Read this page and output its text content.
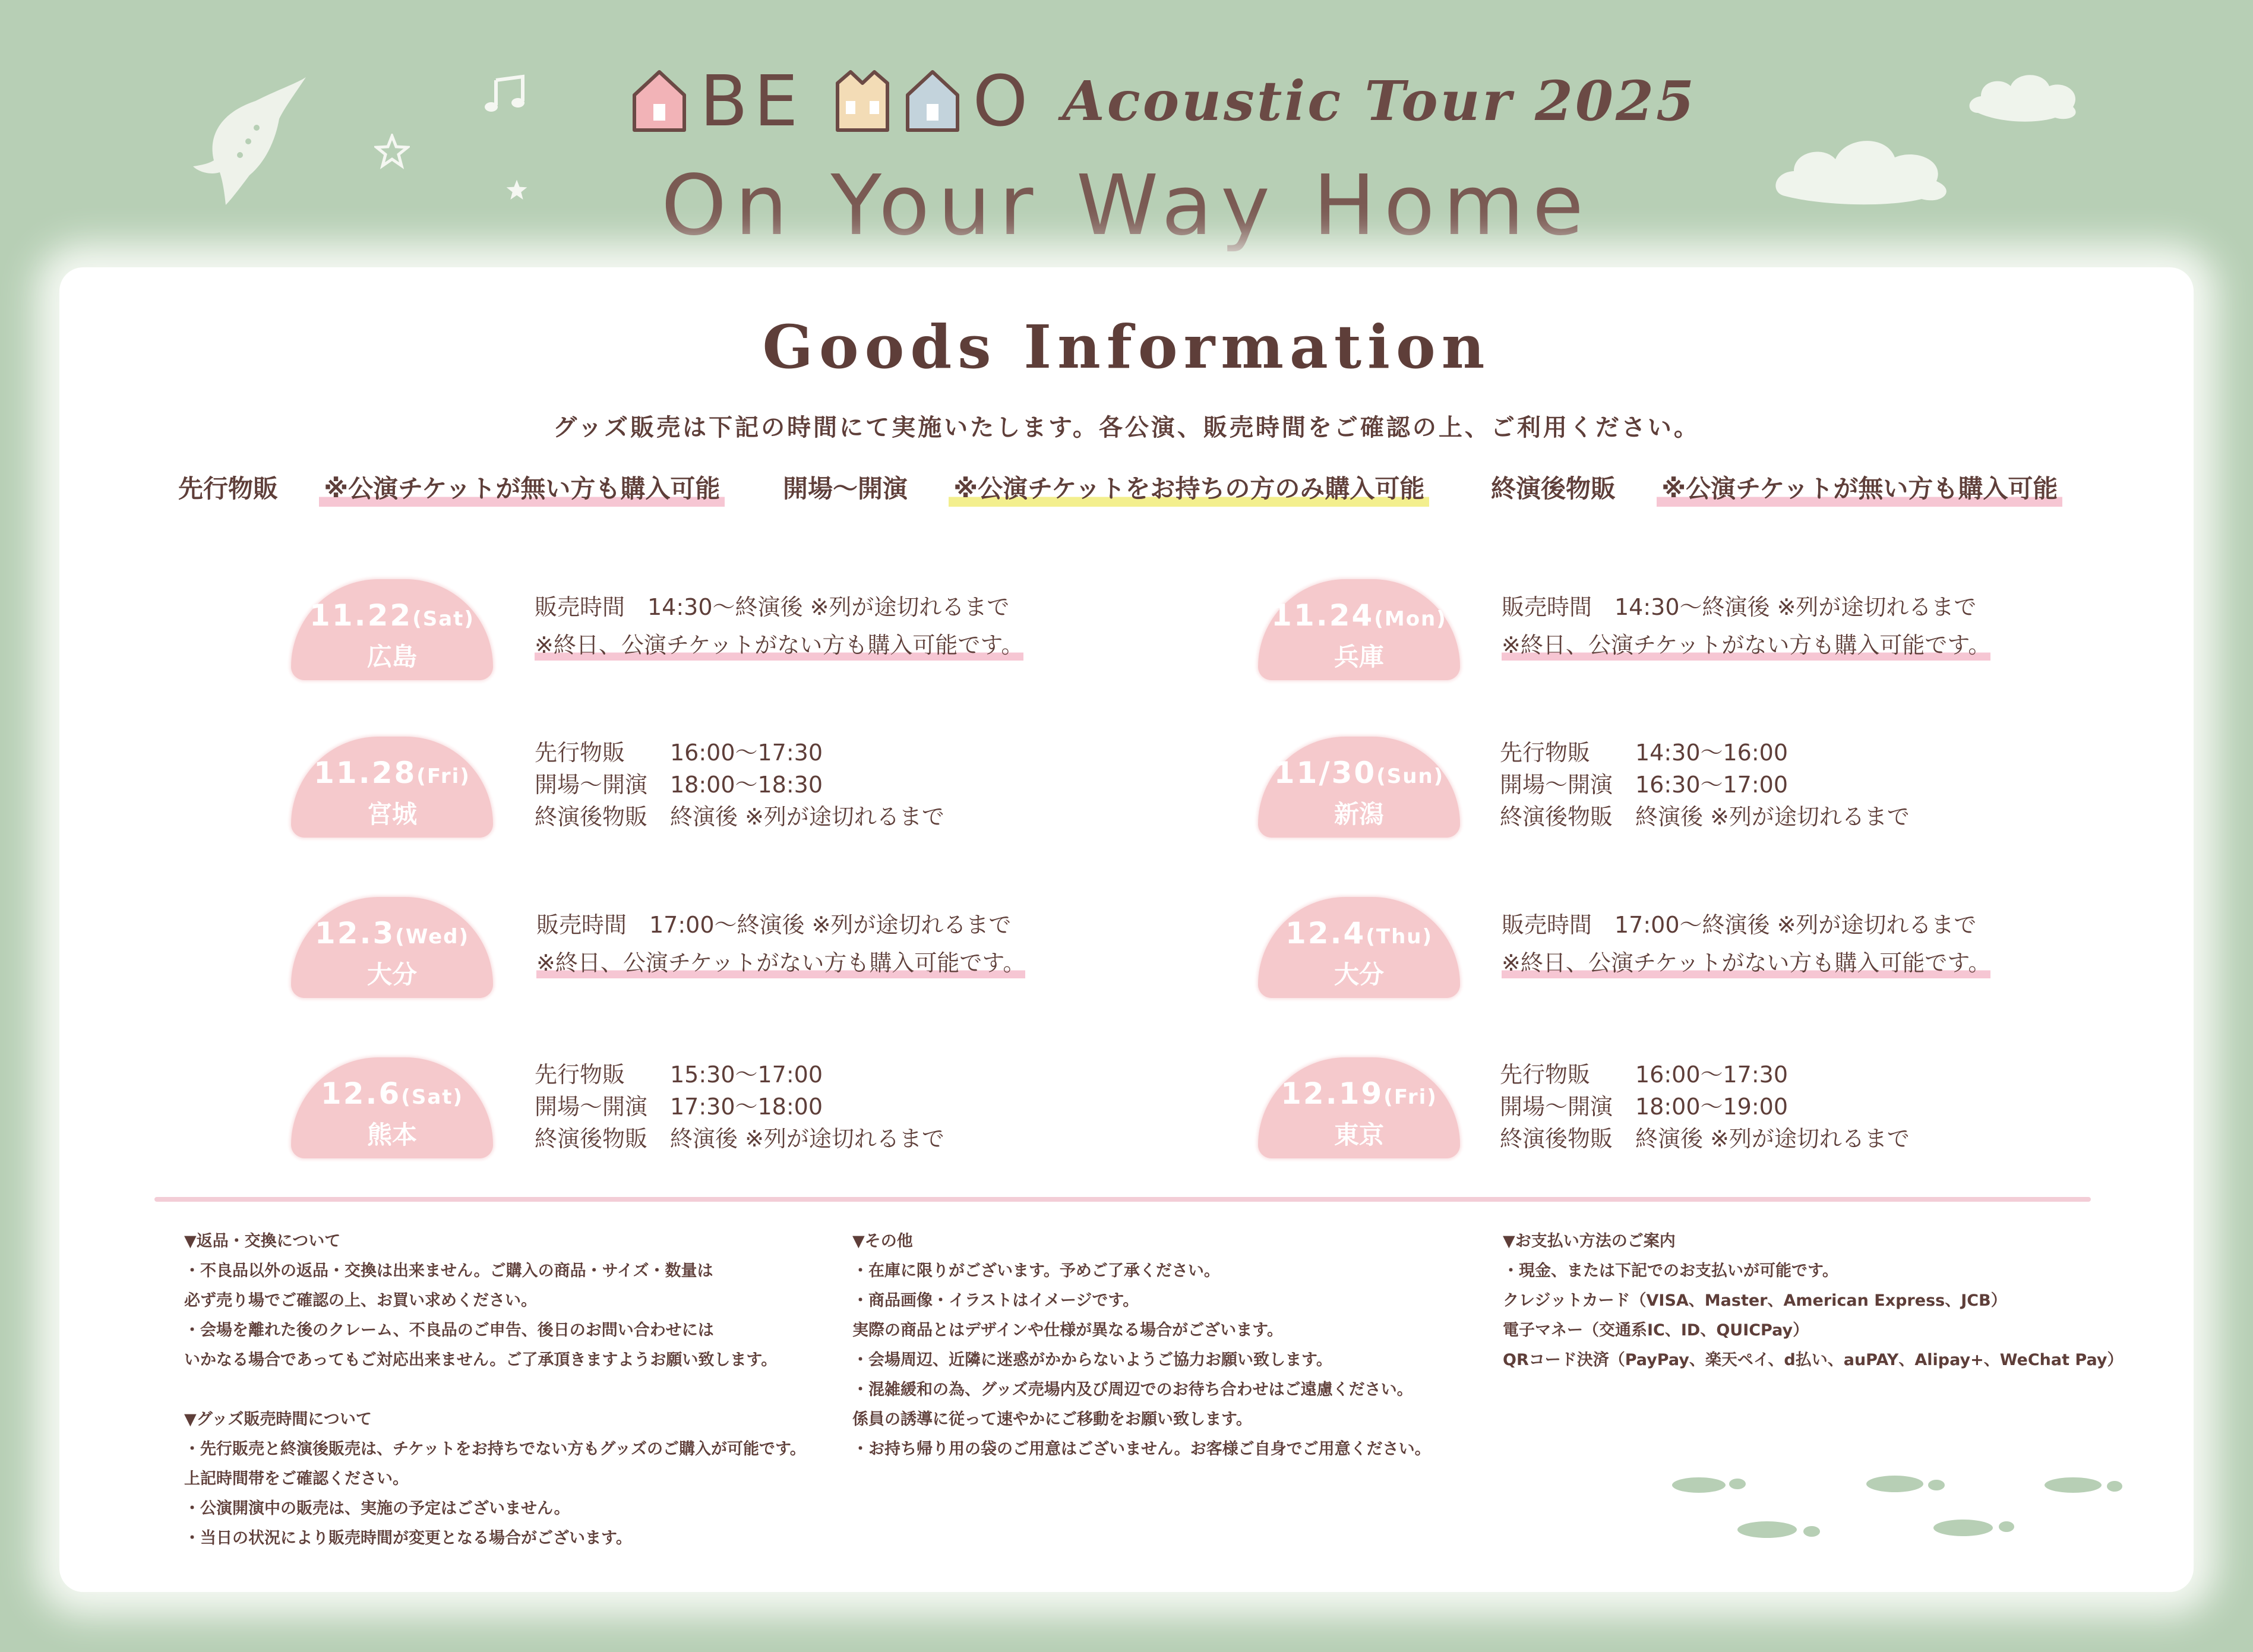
BE O Acoustic Tour 2025
On Your Way Home
Goods Information
グッズ販売は下記の時間にて実施いたします。各公演、販売時間をご確認の上、ご利用ください。
先行物販 ※公演チケットが無い方も購入可能	開場〜開演 ※公演チケットをお持ちの方のみ購入可能	終演後物販 ※公演チケットが無い方も購入可能
11.22(Sat)
広島
販売時間　14:30〜終演後 ※列が途切れるまで
※終日、公演チケットがない方も購入可能です。
11.24(Mon)
兵庫
販売時間　14:30〜終演後 ※列が途切れるまで
※終日、公演チケットがない方も購入可能です。
11.28(Fri)
宮城
先行物販　　16:00〜17:30
開場〜開演　18:00〜18:30
終演後物販　終演後 ※列が途切れるまで
11/30(Sun)
新潟
先行物販　　14:30〜16:00
開場〜開演　16:30〜17:00
終演後物販　終演後 ※列が途切れるまで
12.3(Wed)
大分
販売時間　17:00〜終演後 ※列が途切れるまで
※終日、公演チケットがない方も購入可能です。
12.4(Thu)
大分
販売時間　17:00〜終演後 ※列が途切れるまで
※終日、公演チケットがない方も購入可能です。
12.6(Sat)
熊本
先行物販　　15:30〜17:00
開場〜開演　17:30〜18:00
終演後物販　終演後 ※列が途切れるまで
12.19(Fri)
東京
先行物販　　16:00〜17:30
開場〜開演　18:00〜19:00
終演後物販　終演後 ※列が途切れるまで
▼返品・交換について
・不良品以外の返品・交換は出来ません。ご購入の商品・サイズ・数量は
必ず売り場でご確認の上、お買い求めください。
・会場を離れた後のクレーム、不良品のご申告、後日のお問い合わせには
いかなる場合であってもご対応出来ません。ご了承頂きますようお願い致します。
▼グッズ販売時間について
・先行販売と終演後販売は、チケットをお持ちでない方もグッズのご購入が可能です。
上記時間帯をご確認ください。
・公演開演中の販売は、実施の予定はございません。
・当日の状況により販売時間が変更となる場合がございます。
▼その他
・在庫に限りがございます。予めご了承ください。
・商品画像・イラストはイメージです。
実際の商品とはデザインや仕様が異なる場合がございます。
・会場周辺、近隣に迷惑がかからないようご協力お願い致します。
・混雑緩和の為、グッズ売場内及び周辺でのお待ち合わせはご遠慮ください。
係員の誘導に従って速やかにご移動をお願い致します。
・お持ち帰り用の袋のご用意はございません。お客様ご自身でご用意ください。
▼お支払い方法のご案内
・現金、または下記でのお支払いが可能です。
クレジットカード（VISA、Master、American Express、JCB）
電子マネー（交通系IC、ID、QUICPay）
QRコード決済（PayPay、楽天ペイ、d払い、auPAY、Alipay+、WeChat Pay）
